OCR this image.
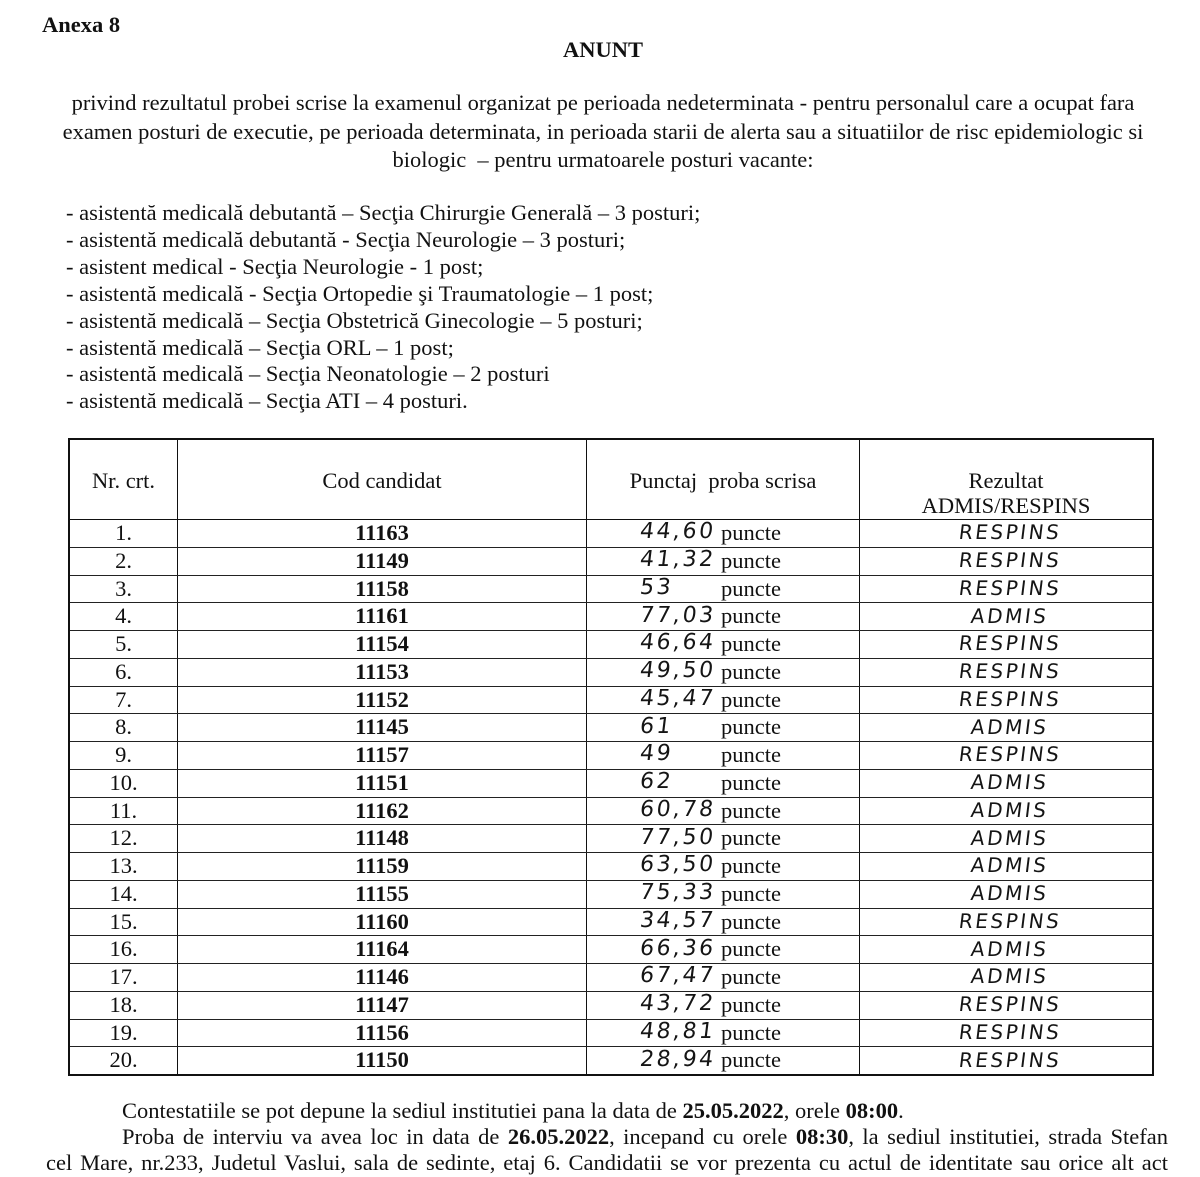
Anexa 8
ANUNT
privind rezultatul probei scrise la examenul organizat pe perioada nedeterminata - pentru personalul care a ocupat fara
examen posturi de executie, pe perioada determinata, in perioada starii de alerta sau a situatiilor de risc epidemiologic si
biologic  – pentru urmatoarele posturi vacante:
- asistentă medicală debutantă – Secţia Chirurgie Generală – 3 posturi;
- asistentă medicală debutantă - Secţia Neurologie – 3 posturi;
- asistent medical - Secţia Neurologie - 1 post;
- asistentă medicală - Secţia Ortopedie şi Traumatologie – 1 post;
- asistentă medicală – Secţia Obstetrică Ginecologie – 5 posturi;
- asistentă medicală – Secţia ORL – 1 post;
- asistentă medicală – Secţia Neonatologie – 2 posturi
- asistentă medicală – Secţia ATI – 4 posturi.
Nr. crt.	Cod candidat	Punctaj  proba scrisa	Rezultat
ADMIS/RESPINS
1.	11163	44,60 puncte	RESPINS
2.	11149	41,32 puncte	RESPINS
3.	11158	53	puncte	RESPINS
4.	11161	77,03 puncte	ADMIS
5.	11154	46,64 puncte	RESPINS
6.	11153	49,50 puncte	RESPINS
7.	11152	45,47 puncte	RESPINS
8.	11145	61	puncte	ADMIS
9.	11157	49	puncte	RESPINS
10.	11151	62	puncte	ADMIS
11.	11162	60,78 puncte	ADMIS
12.	11148	77,50 puncte	ADMIS
13.	11159	63,50 puncte	ADMIS
14.	11155	75,33 puncte	ADMIS
15.	11160	34,57 puncte	RESPINS
16.	11164	66,36 puncte	ADMIS
17.	11146	67,47 puncte	ADMIS
18.	11147	43,72 puncte	RESPINS
19.	11156	48,81 puncte	RESPINS
20.	11150	28,94 puncte	RESPINS
Contestatiile se pot depune la sediul institutiei pana la data de 25.05.2022, orele 08:00.
Proba de interviu va avea loc in data de 26.05.2022, incepand cu orele 08:30, la sediul institutiei, strada Stefan
cel Mare, nr.233, Judetul Vaslui, sala de sedinte, etaj 6. Candidatii se vor prezenta cu actul de identitate sau orice alt act
